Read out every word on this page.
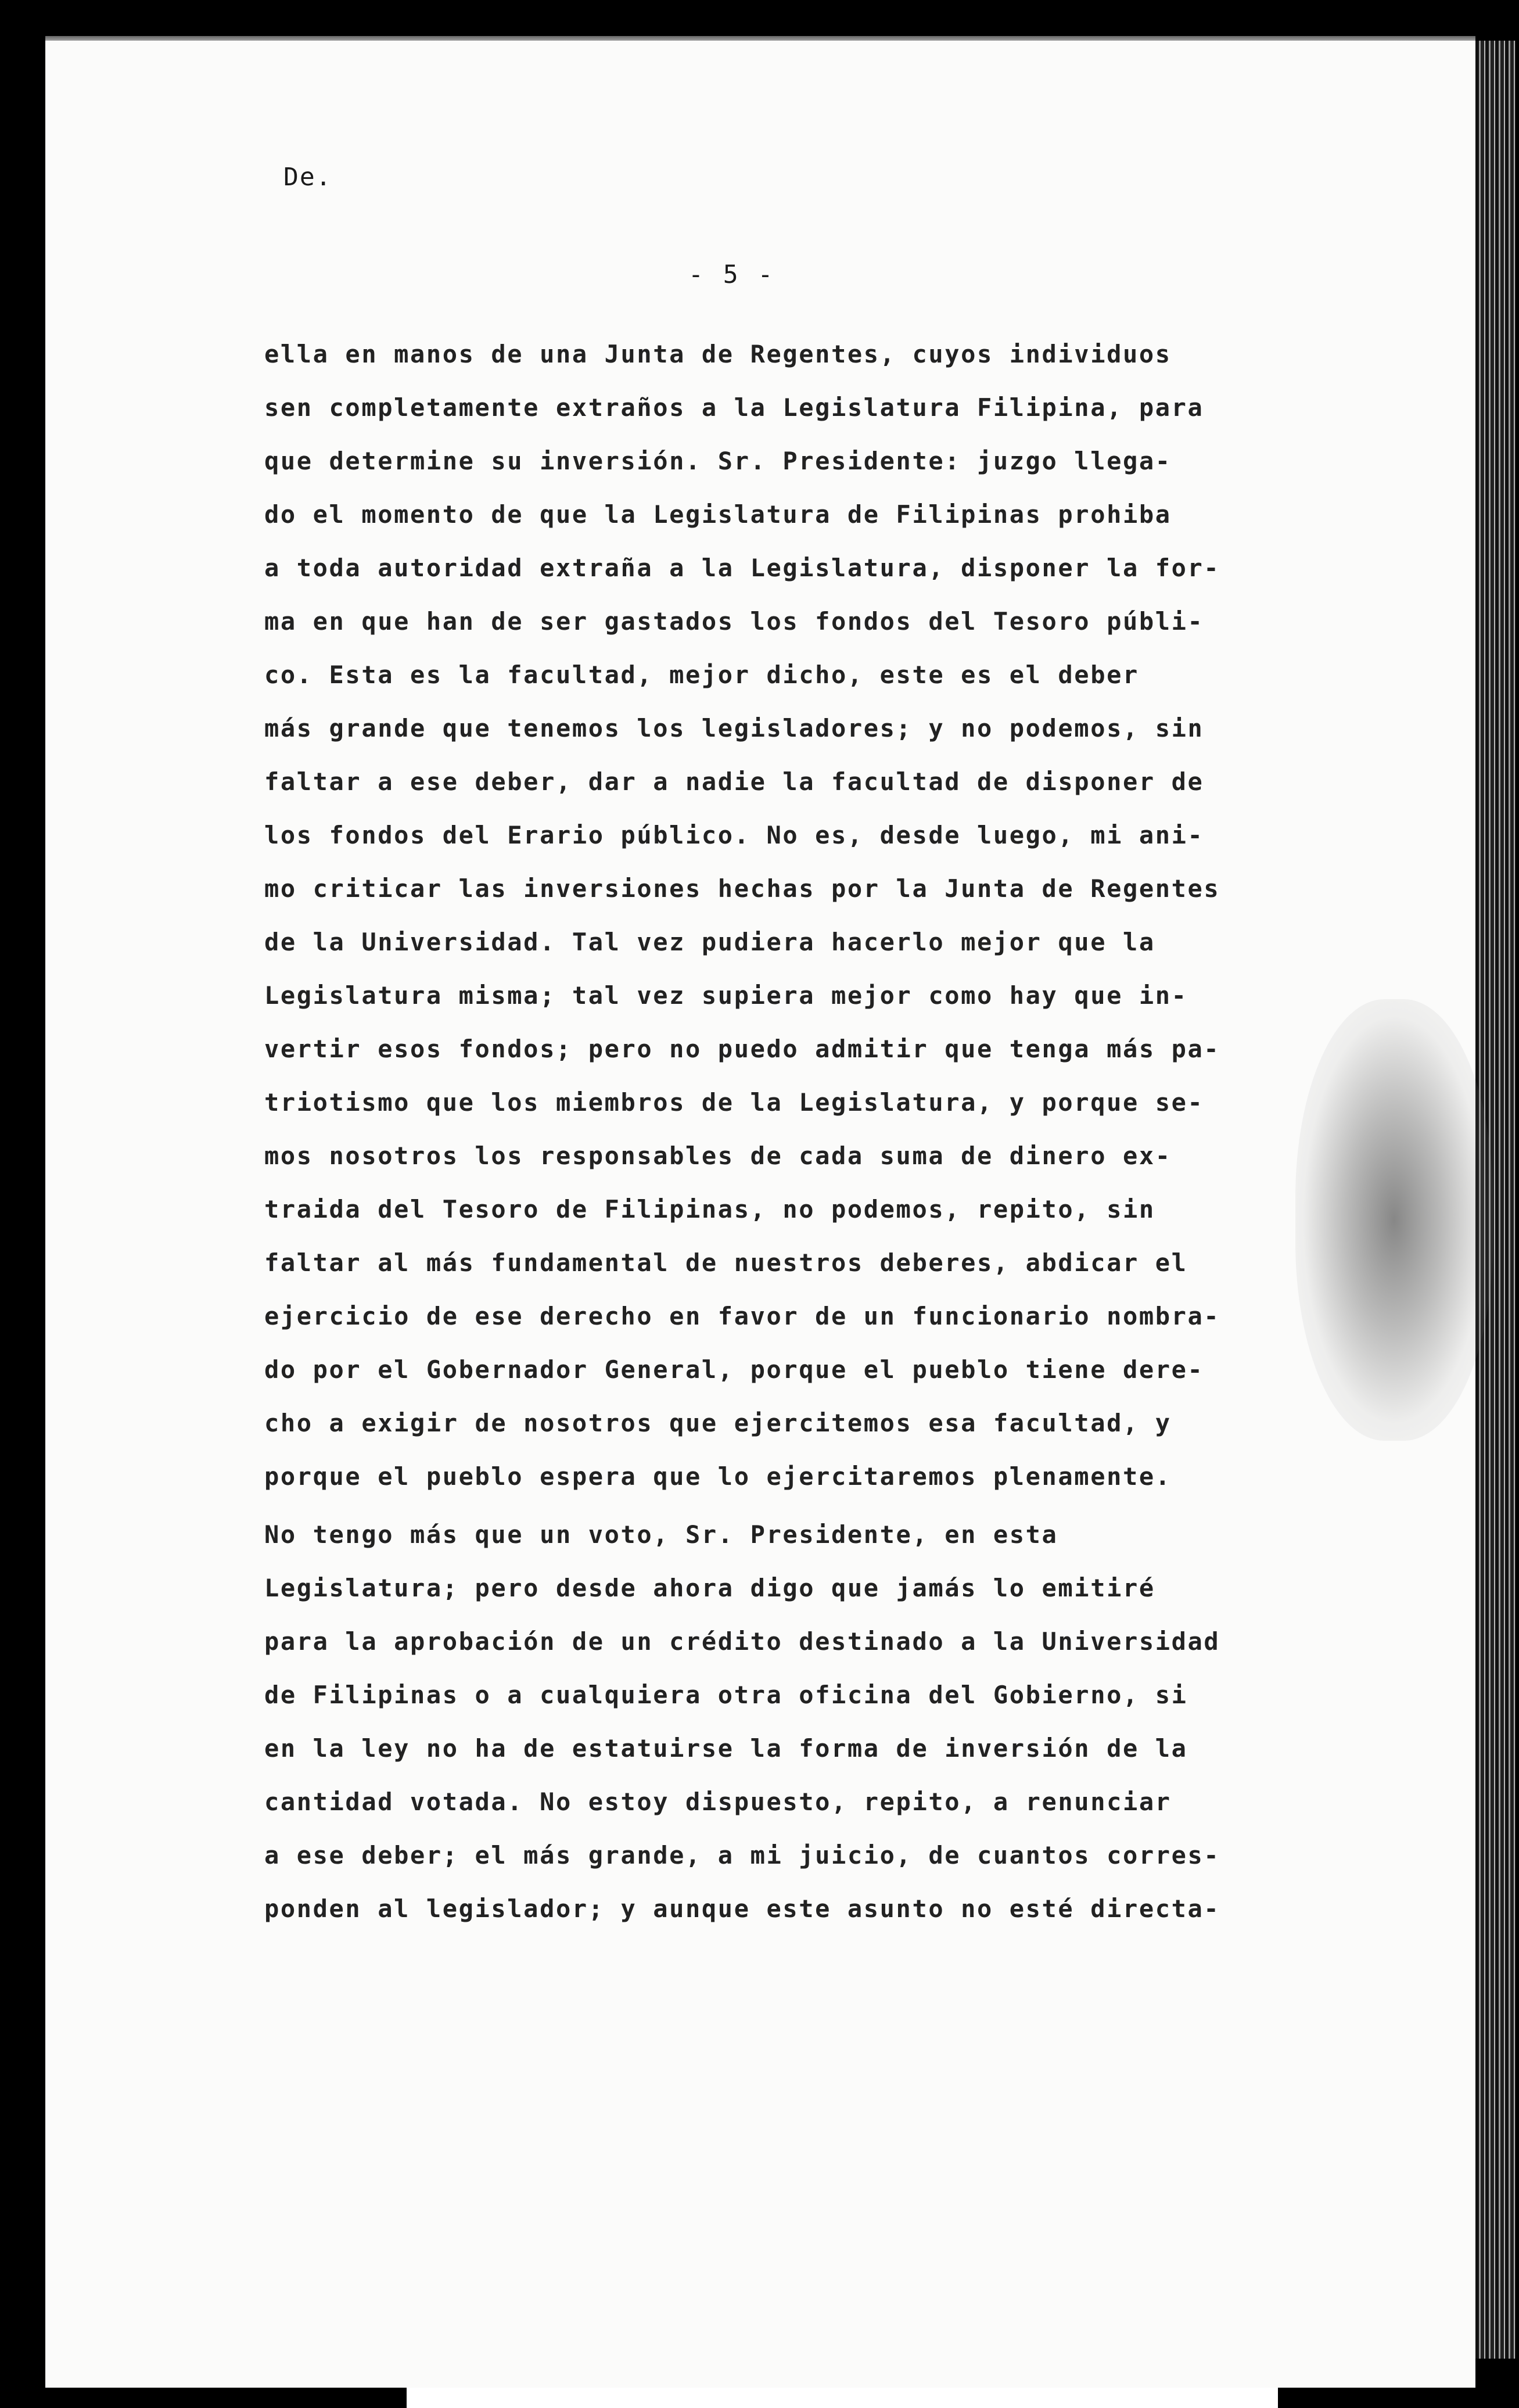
De.
- 5 -
ella en manos de una Junta de Regentes, cuyos individuos
sen completamente extraños a la Legislatura Filipina, para
que determine su inversión. Sr. Presidente: juzgo llega-
do el momento de que la Legislatura de Filipinas prohiba
a toda autoridad extraña a la Legislatura, disponer la for-
ma en que han de ser gastados los fondos del Tesoro públi-
co. Esta es la facultad, mejor dicho, este es el deber
más grande que tenemos los legisladores; y no podemos, sin
faltar a ese deber, dar a nadie la facultad de disponer de
los fondos del Erario público. No es, desde luego, mi ani-
mo criticar las inversiones hechas por la Junta de Regentes
de la Universidad. Tal vez pudiera hacerlo mejor que la
Legislatura misma; tal vez supiera mejor como hay que in-
vertir esos fondos; pero no puedo admitir que tenga más pa-
triotismo que los miembros de la Legislatura, y porque se-
mos nosotros los responsables de cada suma de dinero ex-
traida del Tesoro de Filipinas, no podemos, repito, sin
faltar al más fundamental de nuestros deberes, abdicar el
ejercicio de ese derecho en favor de un funcionario nombra-
do por el Gobernador General, porque el pueblo tiene dere-
cho a exigir de nosotros que ejercitemos esa facultad, y
porque el pueblo espera que lo ejercitaremos plenamente.
No tengo más que un voto, Sr. Presidente, en esta
Legislatura; pero desde ahora digo que jamás lo emitiré
para la aprobación de un crédito destinado a la Universidad
de Filipinas o a cualquiera otra oficina del Gobierno, si
en la ley no ha de estatuirse la forma de inversión de la
cantidad votada. No estoy dispuesto, repito, a renunciar
a ese deber; el más grande, a mi juicio, de cuantos corres-
ponden al legislador; y aunque este asunto no esté directa-
